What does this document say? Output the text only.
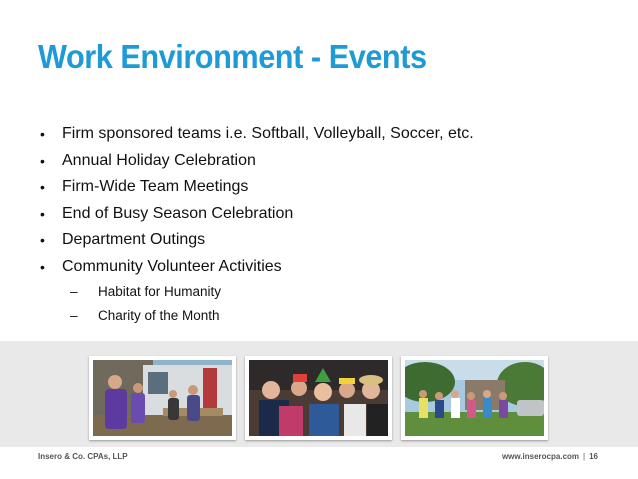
Work Environment - Events
• Firm sponsored teams i.e. Softball, Volleyball, Soccer, etc.
• Annual Holiday Celebration
• Firm-Wide Team Meetings
• End of Busy Season Celebration
• Department Outings
• Community Volunteer Activities
– Habitat for Humanity
– Charity of the Month
Insero & Co. CPAs, LLP	www.inserocpa.com | 16
